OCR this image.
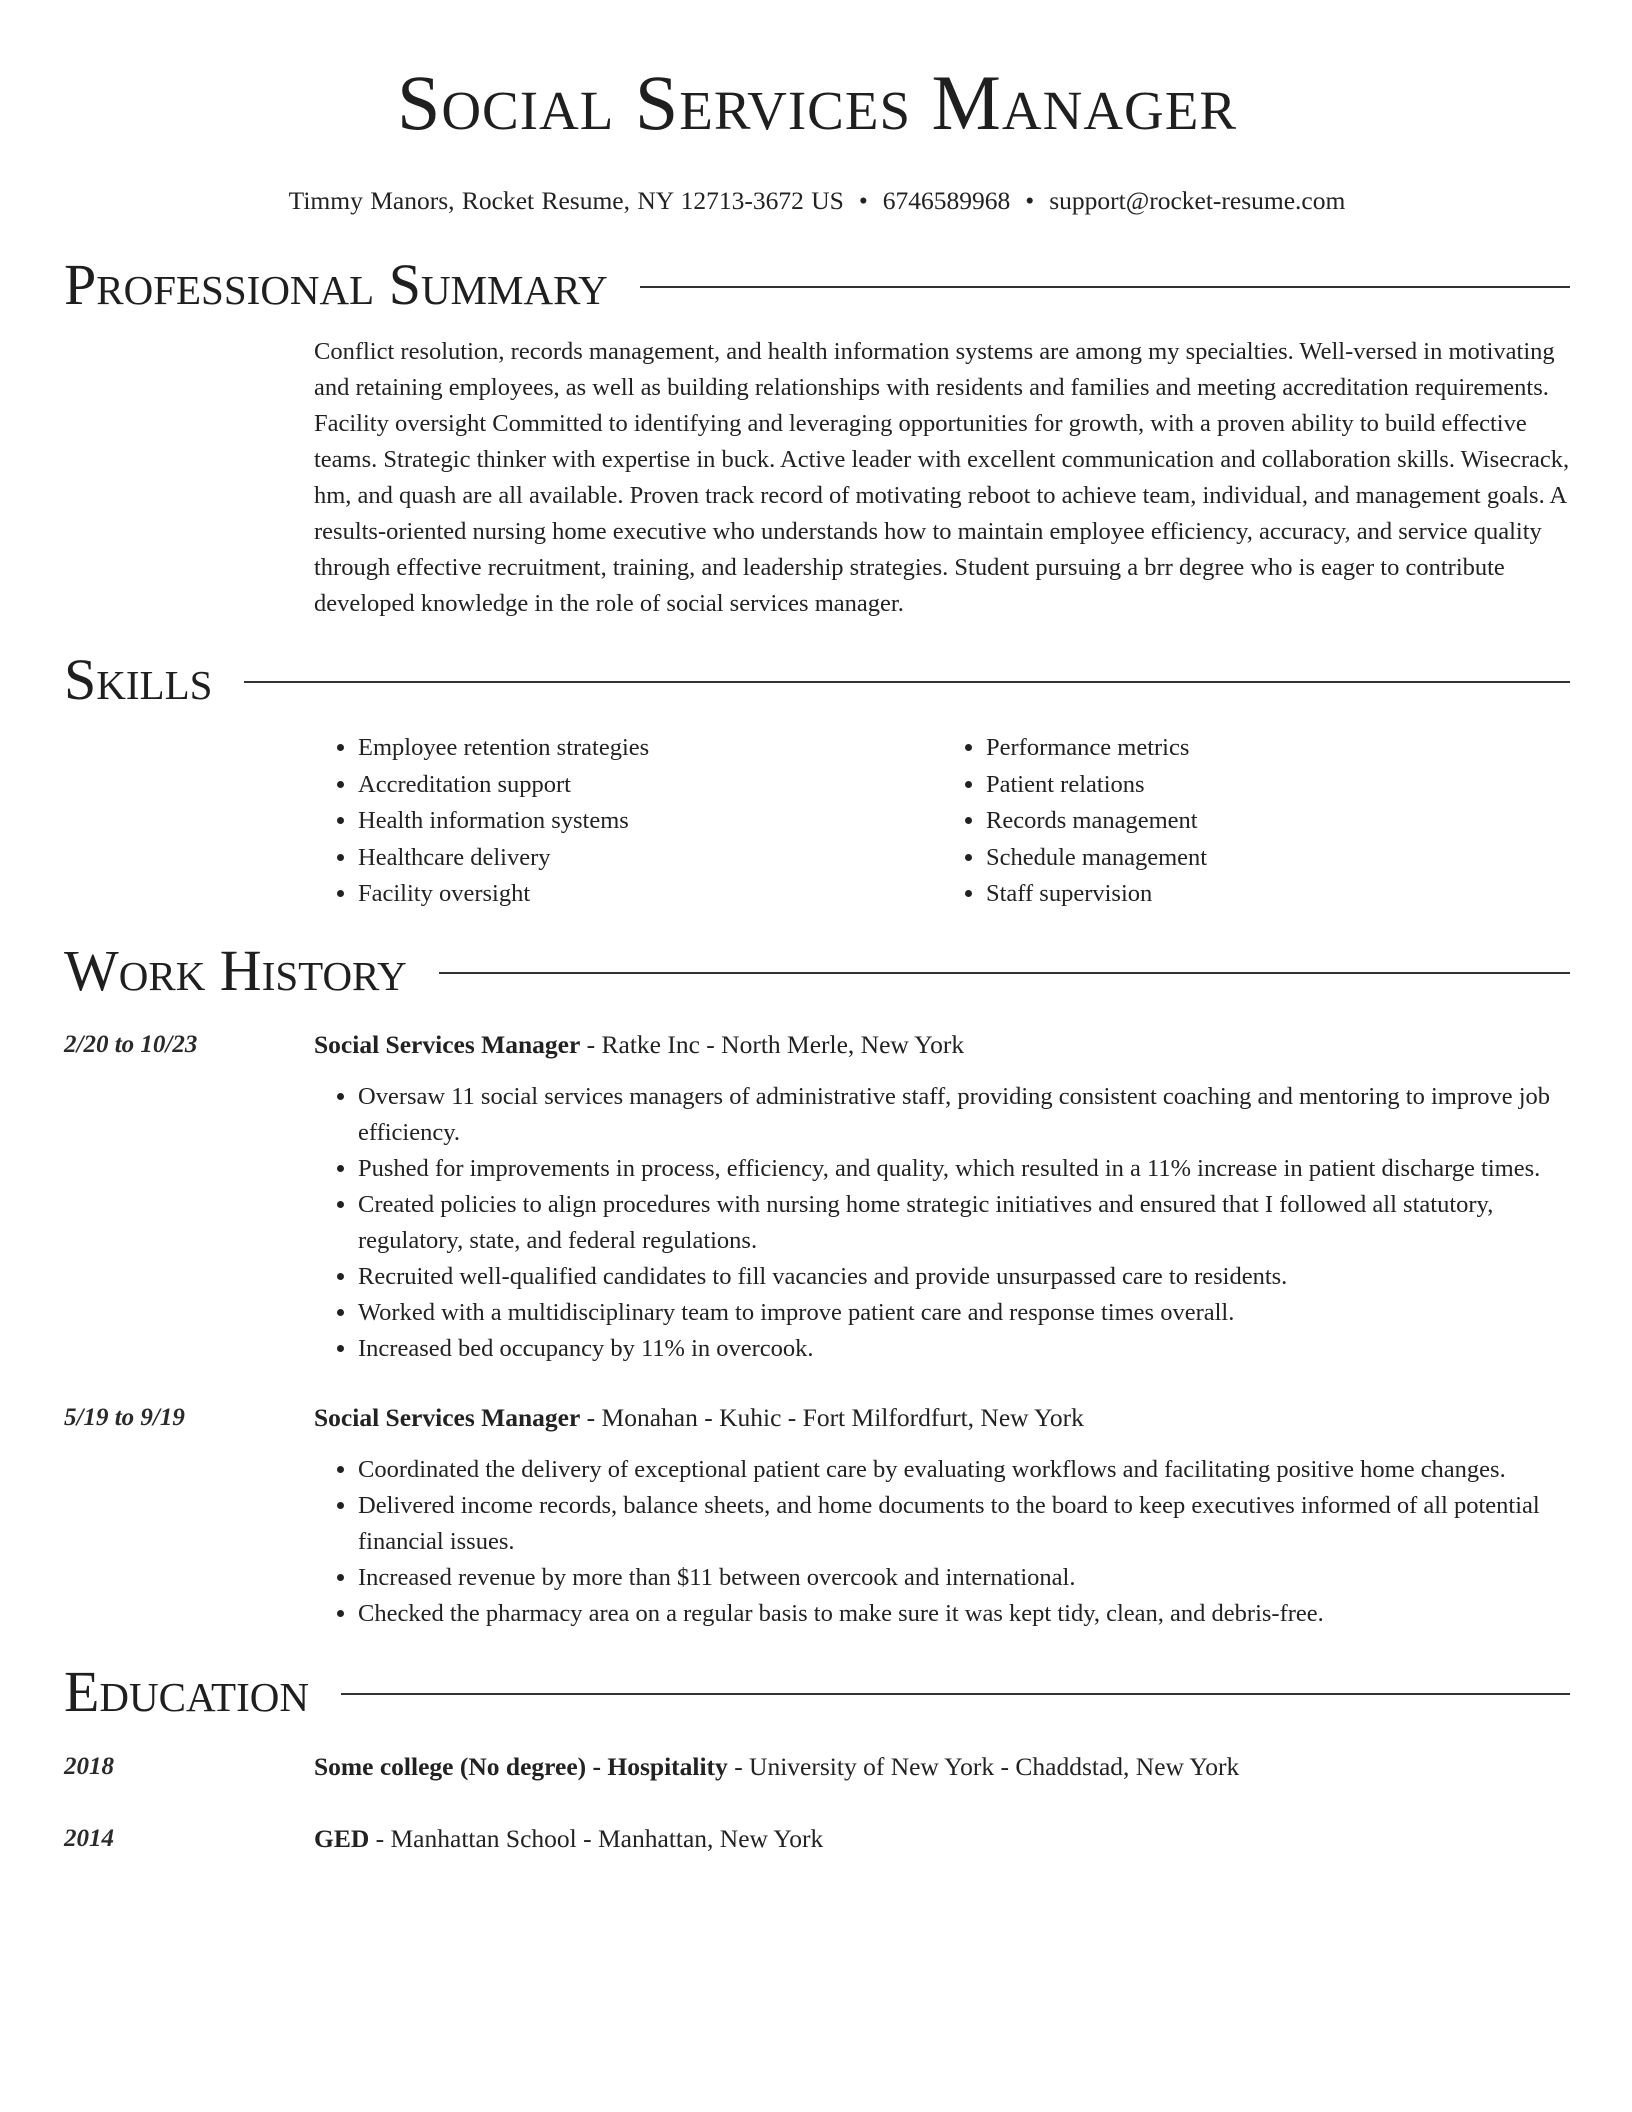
Social Services Manager
Timmy Manors, Rocket Resume, NY 12713-3672 US • 6746589968 • support@rocket-resume.com
Professional Summary

Conflict resolution, records management, and health information systems are among my specialties. Well-versed in motivating and retaining employees, as well as building relationships with residents and families and meeting accreditation requirements. Facility oversight Committed to identifying and leveraging opportunities for growth, with a proven ability to build effective teams. Strategic thinker with expertise in buck. Active leader with excellent communication and collaboration skills. Wisecrack, hm, and quash are all available. Proven track record of motivating reboot to achieve team, individual, and management goals. A results-oriented nursing home executive who understands how to maintain employee efficiency, accuracy, and service quality through effective recruitment, training, and leadership strategies. Student pursuing a brr degree who is eager to contribute developed knowledge in the role of social services manager.

Skills
• Employee retention strategies
• Accreditation support
• Health information systems
• Healthcare delivery
• Facility oversight
• Performance metrics
• Patient relations
• Records management
• Schedule management
• Staff supervision
Work History
2/20 to 10/23	Social Services Manager - Ratke Inc - North Merle, New York
• Oversaw 11 social services managers of administrative staff, providing consistent coaching and mentoring to improve job efficiency.
• Pushed for improvements in process, efficiency, and quality, which resulted in a 11% increase in patient discharge times.
• Created policies to align procedures with nursing home strategic initiatives and ensured that I followed all statutory, regulatory, state, and federal regulations.
• Recruited well-qualified candidates to fill vacancies and provide unsurpassed care to residents.
• Worked with a multidisciplinary team to improve patient care and response times overall.
• Increased bed occupancy by 11% in overcook.
5/19 to 9/19	Social Services Manager - Monahan - Kuhic - Fort Milfordfurt, New York
• Coordinated the delivery of exceptional patient care by evaluating workflows and facilitating positive home changes.
• Delivered income records, balance sheets, and home documents to the board to keep executives informed of all potential financial issues.
• Increased revenue by more than $11 between overcook and international.
• Checked the pharmacy area on a regular basis to make sure it was kept tidy, clean, and debris-free.
Education
2018	Some college (No degree) - Hospitality - University of New York - Chaddstad, New York
2014	GED - Manhattan School - Manhattan, New York
